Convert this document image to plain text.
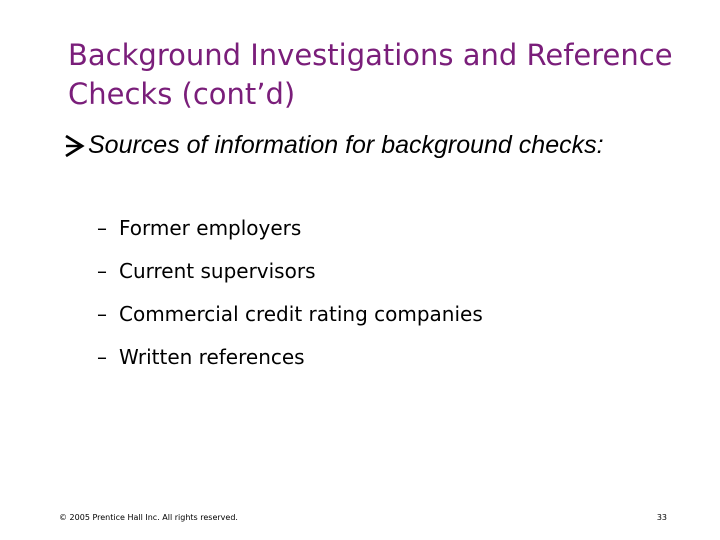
Background Investigations and Reference Checks (cont’d)
Sources of information for background checks:
– Former employers
– Current supervisors
– Commercial credit rating companies
– Written references
© 2005 Prentice Hall Inc. All rights reserved.	33
